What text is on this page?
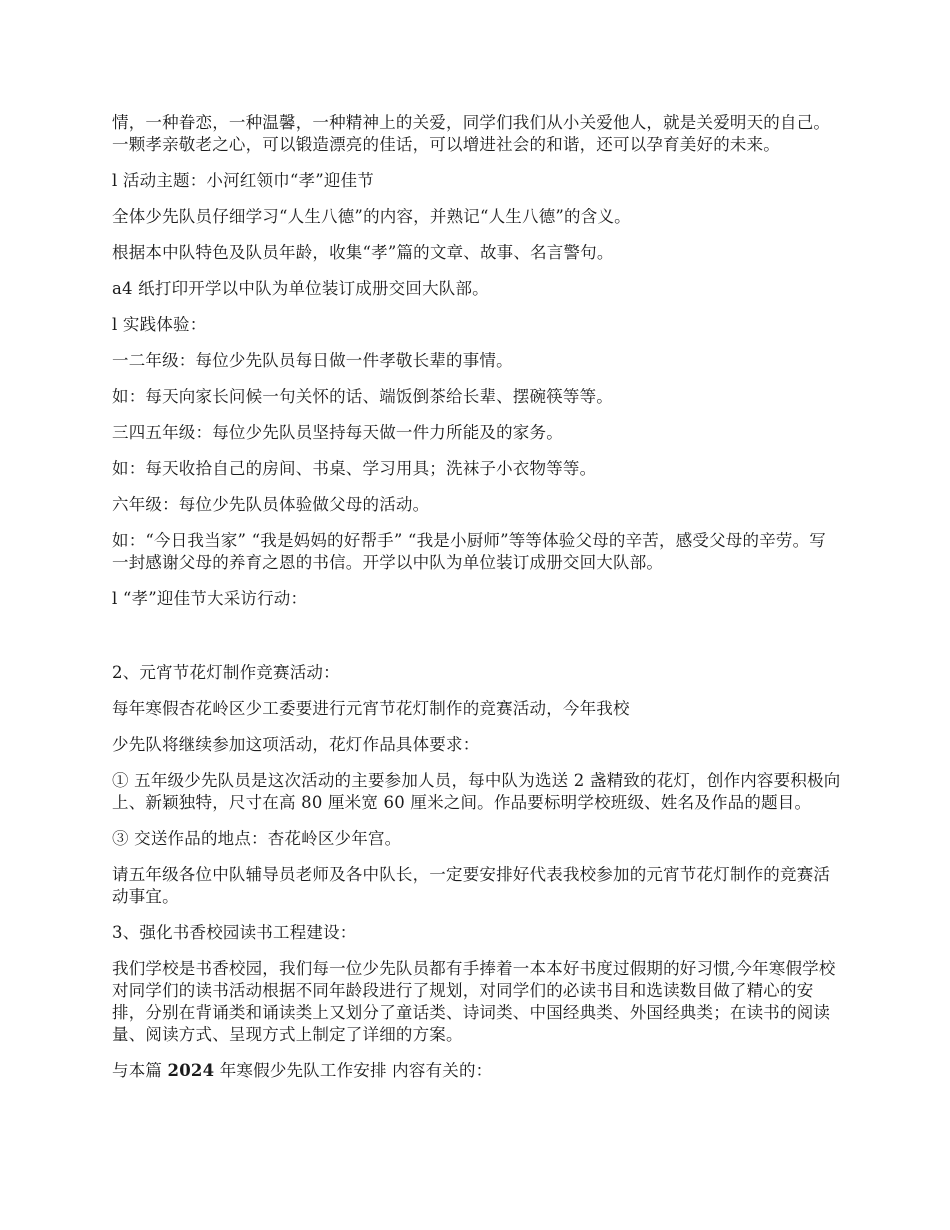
情，一种眷恋，一种温馨，一种精神上的关爱，同学们我们从小关爱他人，就是关爱明天的自己。一颗孝亲敬老之心，可以锻造漂亮的佳话，可以增进社会的和谐，还可以孕育美好的未来。

l 活动主题：小河红领巾“孝”迎佳节

全体少先队员仔细学习“人生八德”的内容，并熟记“人生八德”的含义。

根据本中队特色及队员年龄，收集“孝”篇的文章、故事、名言警句。

a4 纸打印开学以中队为单位装订成册交回大队部。

l 实践体验：

一二年级：每位少先队员每日做一件孝敬长辈的事情。

如：每天向家长问候一句关怀的话、端饭倒茶给长辈、摆碗筷等等。

三四五年级：每位少先队员坚持每天做一件力所能及的家务。

如：每天收拾自己的房间、书桌、学习用具；洗袜子小衣物等等。

六年级：每位少先队员体验做父母的活动。

如：“今日我当家” “我是妈妈的好帮手” “我是小厨师”等等体验父母的辛苦，感受父母的辛劳。写一封感谢父母的养育之恩的书信。开学以中队为单位装订成册交回大队部。

l “孝”迎佳节大采访行动：

2、元宵节花灯制作竞赛活动：

每年寒假杏花岭区少工委要进行元宵节花灯制作的竞赛活动，今年我校

少先队将继续参加这项活动，花灯作品具体要求：

① 五年级少先队员是这次活动的主要参加人员，每中队为选送 2 盏精致的花灯，创作内容要积极向上、新颖独特，尺寸在高 80 厘米宽 60 厘米之间。作品要标明学校班级、姓名及作品的题目。

③ 交送作品的地点：杏花岭区少年宫。

请五年级各位中队辅导员老师及各中队长，一定要安排好代表我校参加的元宵节花灯制作的竞赛活动事宜。

3、强化书香校园读书工程建设：

我们学校是书香校园，我们每一位少先队员都有手捧着一本本好书度过假期的好习惯,今年寒假学校对同学们的读书活动根据不同年龄段进行了规划，对同学们的必读书目和选读数目做了精心的安排，分别在背诵类和诵读类上又划分了童话类、诗词类、中国经典类、外国经典类；在读书的阅读量、阅读方式、呈现方式上制定了详细的方案。

与本篇 2024 年寒假少先队工作安排 内容有关的：
